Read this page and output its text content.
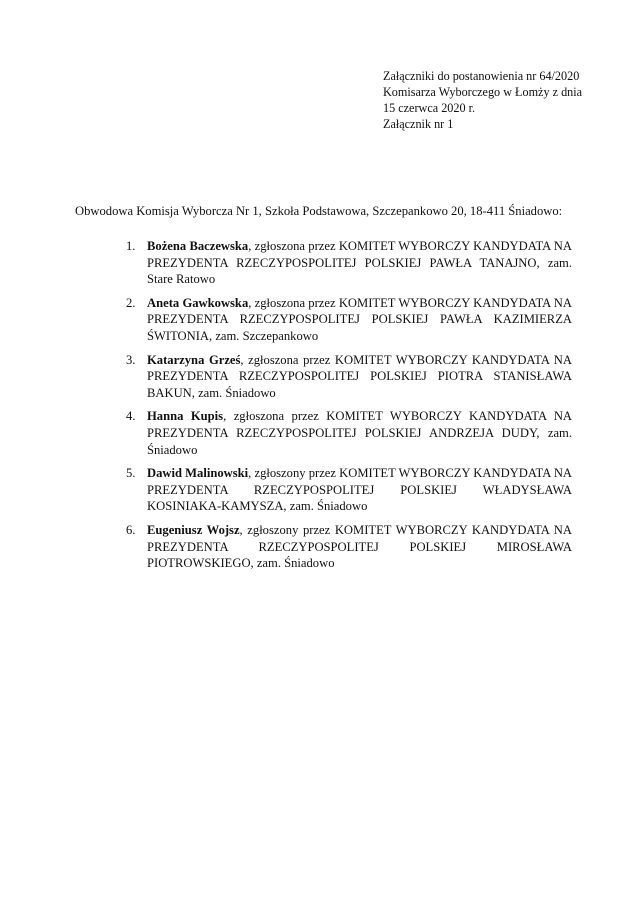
Załączniki do postanowienia nr 64/2020
Komisarza Wyborczego w Łomży z dnia
15 czerwca 2020 r.
Załącznik nr 1
Obwodowa Komisja Wyborcza Nr 1, Szkoła Podstawowa, Szczepankowo 20, 18-411 Śniadowo:
1. Bożena Baczewska, zgłoszona przez KOMITET WYBORCZY KANDYDATA NA PREZYDENTA RZECZYPOSPOLITEJ POLSKIEJ PAWŁA TANAJNO, zam. Stare Ratowo
2. Aneta Gawkowska, zgłoszona przez KOMITET WYBORCZY KANDYDATA NA PREZYDENTA RZECZYPOSPOLITEJ POLSKIEJ PAWŁA KAZIMIERZA ŚWITONIA, zam. Szczepankowo
3. Katarzyna Grześ, zgłoszona przez KOMITET WYBORCZY KANDYDATA NA PREZYDENTA RZECZYPOSPOLITEJ POLSKIEJ PIOTRA STANISŁAWA BAKUN, zam. Śniadowo
4. Hanna Kupis, zgłoszona przez KOMITET WYBORCZY KANDYDATA NA PREZYDENTA RZECZYPOSPOLITEJ POLSKIEJ ANDRZEJA DUDY, zam. Śniadowo
5. Dawid Malinowski, zgłoszony przez KOMITET WYBORCZY KANDYDATA NA PREZYDENTA RZECZYPOSPOLITEJ POLSKIEJ WŁADYSŁAWA KOSINIAKA-KAMYSZA, zam. Śniadowo
6. Eugeniusz Wojsz, zgłoszony przez KOMITET WYBORCZY KANDYDATA NA PREZYDENTA RZECZYPOSPOLITEJ POLSKIEJ MIROSŁAWA PIOTROWSKIEGO, zam. Śniadowo
